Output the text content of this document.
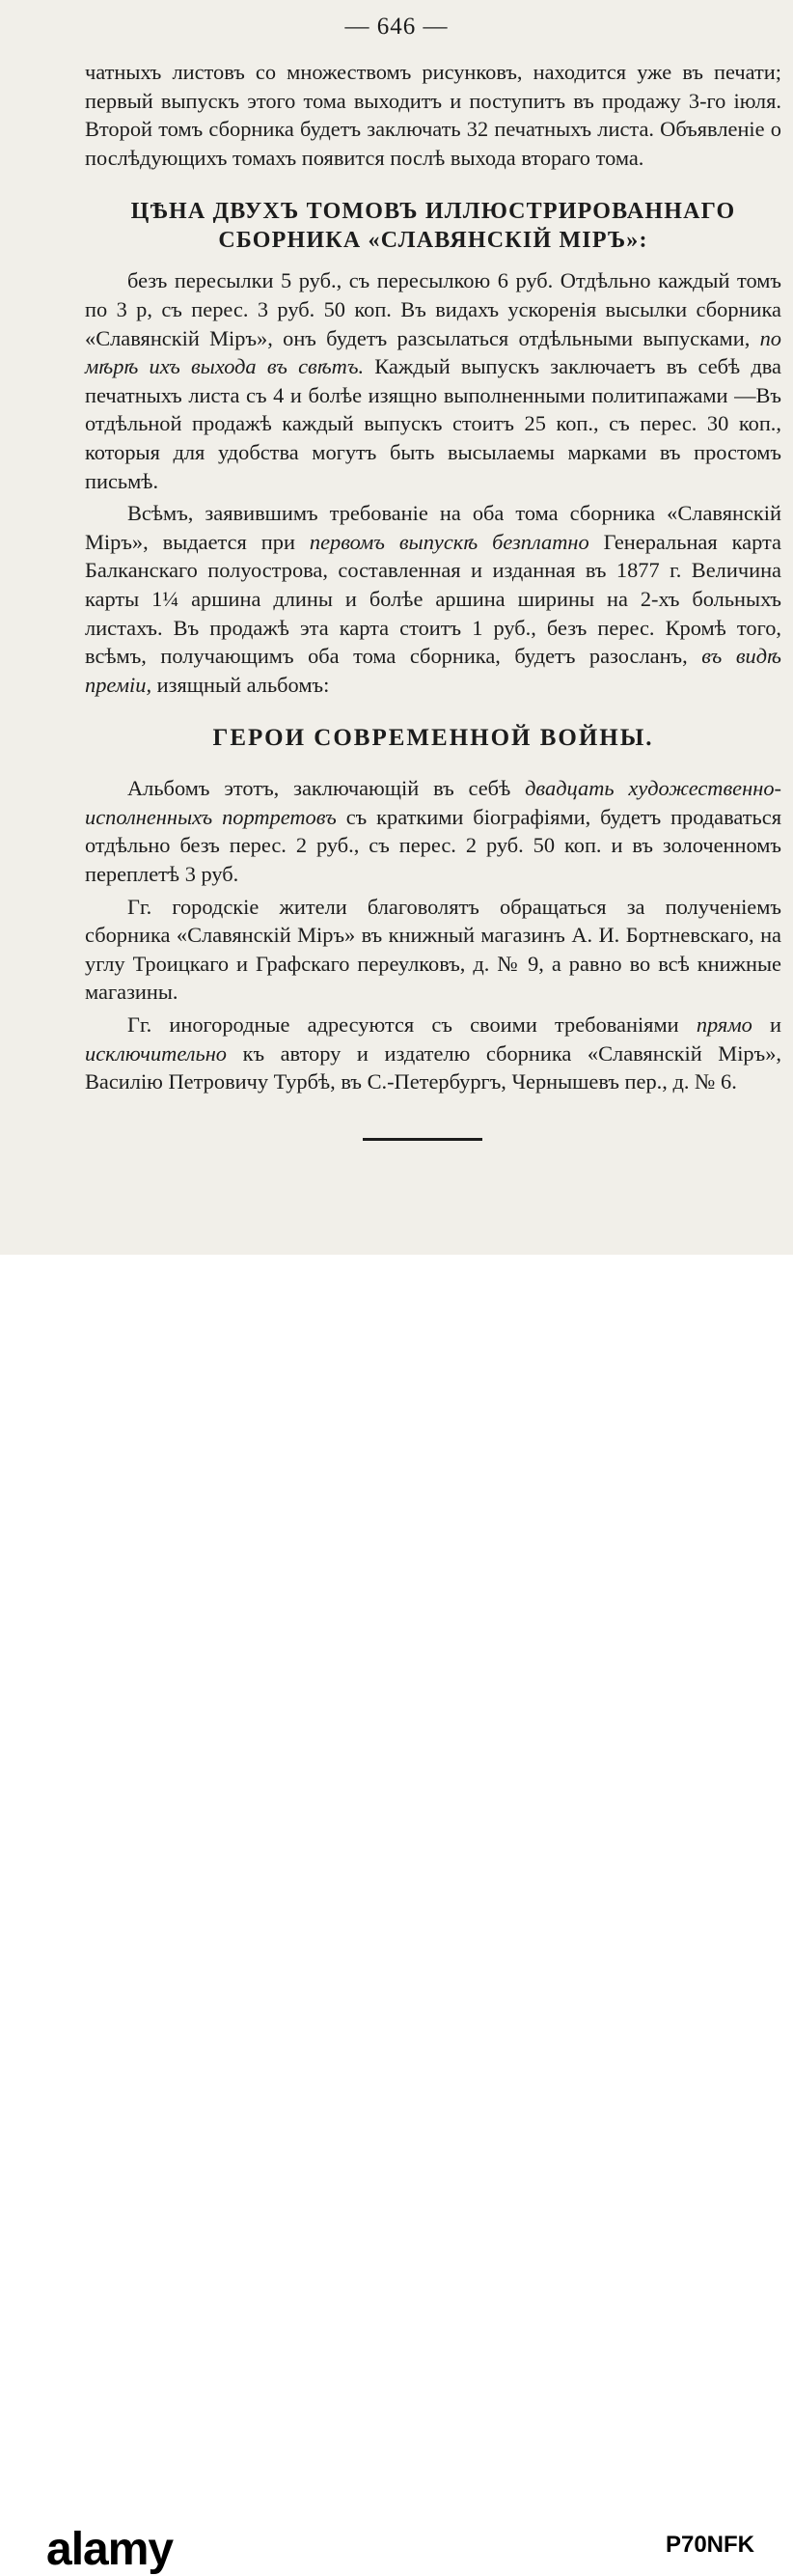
— 646 —

чатныхъ листовъ со множествомъ рисунковъ, находится уже въ печати; первый выпускъ этого тома выходитъ и поступитъ въ продажу 3-го іюля. Второй томъ сборника будетъ заключать 32 печатныхъ листа. Объявленіе о послѣдующихъ томахъ появится послѣ выхода втораго тома.

ЦѢНА ДВУХЪ ТОМОВЪ ИЛЛЮСТРИРОВАННАГО СБОРНИКА «СЛАВЯНСКІЙ МІРЪ»:

безъ пересылки 5 руб., съ пересылкою 6 руб. Отдѣльно каждый томъ по 3 р, съ перес. 3 руб. 50 коп. Въ видахъ ускоренія высылки сборника «Славянскій Міръ», онъ будетъ разсылаться отдѣльными выпусками, по мѣрѣ ихъ выхода въ свѣтъ. Каждый выпускъ заключаетъ въ себѣ два печатныхъ листа съ 4 и болѣе изящно выполненными политипажами —Въ отдѣльной продажѣ каждый выпускъ стоитъ 25 коп., съ перес. 30 коп., которыя для удобства могутъ быть высылаемы марками въ простомъ письмѣ.

Всѣмъ, заявившимъ требованіе на оба тома сборника «Славянскій Міръ», выдается при первомъ выпускѣ безплатно Генеральная карта Балканскаго полуострова, составленная и изданная въ 1877 г. Величина карты 1¼ аршина длины и болѣе аршина ширины на 2-хъ больныхъ листахъ. Въ продажѣ эта карта стоитъ 1 руб., безъ перес. Кромѣ того, всѣмъ, получающимъ оба тома сборника, будетъ разосланъ, въ видѣ преміи, изящный альбомъ:

ГЕРОИ СОВРЕМЕННОЙ ВОЙНЫ.

Альбомъ этотъ, заключающій въ себѣ двадцать художественно-исполненныхъ портретовъ съ краткими біографіями, будетъ продаваться отдѣльно безъ перес. 2 руб., съ перес. 2 руб. 50 коп. и въ золоченномъ переплетѣ 3 руб.

Гг. городскіе жители благоволятъ обращаться за полученіемъ сборника «Славянскій Міръ» въ книжный магазинъ А. И. Бортневскаго, на углу Троицкаго и Графскаго переулковъ, д. № 9, а равно во всѣ книжные магазины.

Гг. иногородные адресуются съ своими требованіями прямо и исключительно къ автору и издателю сборника «Славянскій Міръ», Василію Петровичу Турбѣ, въ С.-Петербургъ, Чернышевъ пер., д. № 6.

alamy	P70NFK
